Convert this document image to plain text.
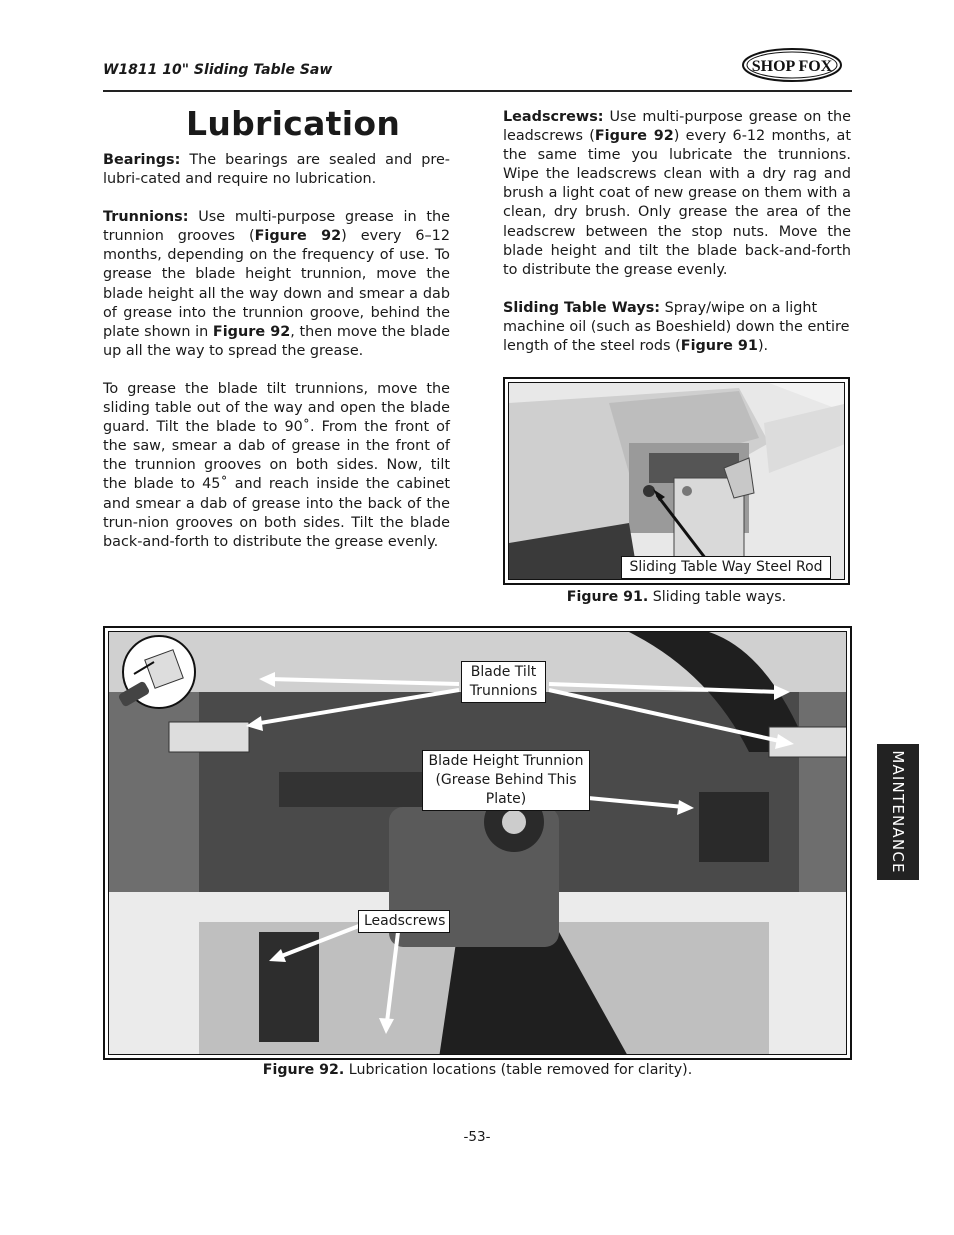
W1811 10" Sliding Table Saw	SHOP FOX
Lubrication

Bearings: The bearings are sealed and pre-lubri-cated and require no lubrication.

Trunnions: Use multi-purpose grease in the trunnion grooves (Figure 92) every 6–12 months, depending on the frequency of use. To grease the blade height trunnion, move the blade height all the way down and smear a dab of grease into the trunnion groove, behind the plate shown in Figure 92, then move the blade up all the way to spread the grease.

To grease the blade tilt trunnions, move the sliding table out of the way and open the blade guard. Tilt the blade to 90˚. From the front of the saw, smear a dab of grease in the front of the trunnion grooves on both sides. Now, tilt the blade to 45˚ and reach inside the cabinet and smear a dab of grease into the back of the trun-nion grooves on both sides. Tilt the blade back-and-forth to distribute the grease evenly.

Leadscrews: Use multi-purpose grease on the leadscrews (Figure 92) every 6-12 months, at the same time you lubricate the trunnions. Wipe the leadscrews clean with a dry rag and brush a light coat of new grease on them with a clean, dry brush. Only grease the area of the leadscrew between the stop nuts. Move the blade height and tilt the blade back-and-forth to distribute the grease evenly.

Sliding Table Ways: Spray/wipe on a light machine oil (such as Boeshield) down the entire length of the steel rods (Figure 91).

Sliding Table Way Steel Rod
Figure 91. Sliding table ways.
Blade Tilt Trunnions
Blade Height Trunnion (Grease Behind This Plate)
Leadscrews
Figure 92. Lubrication locations (table removed for clarity).
MAINTENANCE
-53-
